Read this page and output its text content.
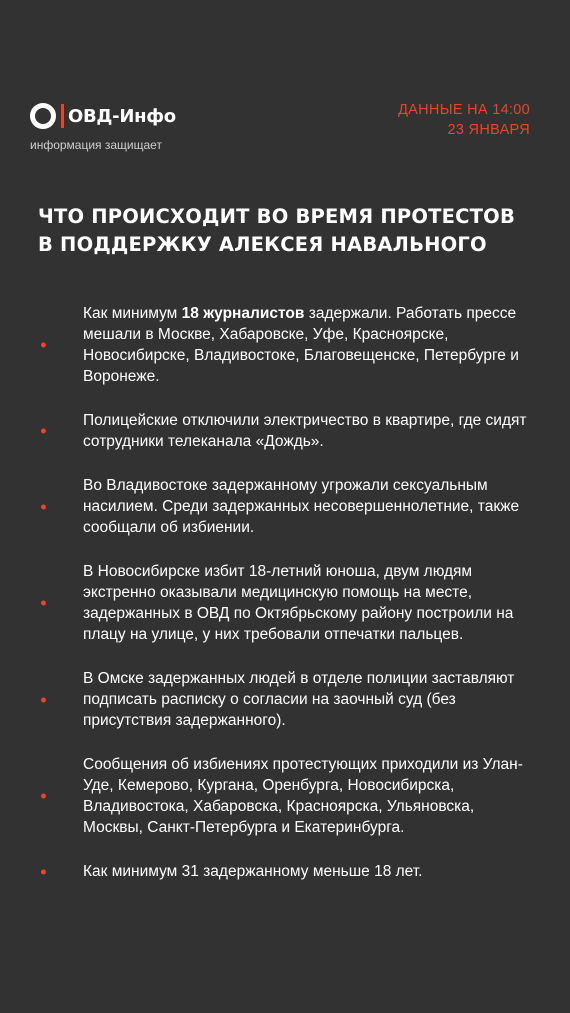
ОВД-Инфо
информация защищает
ДАННЫЕ НА 14:00
23 ЯНВАРЯ
ЧТО ПРОИСХОДИТ ВО ВРЕМЯ ПРОТЕСТОВ
В ПОДДЕРЖКУ АЛЕКСЕЯ НАВАЛЬНОГО
Как минимум 18 журналистов задержали. Работать прессе мешали в Москве, Хабаровске, Уфе, Красноярске, Новосибирске, Владивостоке, Благовещенске, Петербурге и Воронеже.
Полицейские отключили электричество в квартире, где сидят сотрудники телеканала «Дождь».
Во Владивостоке задержанному угрожали сексуальным насилием. Среди задержанных несовершеннолетние, также сообщали об избиении.
В Новосибирске избит 18-летний юноша, двум людям экстренно оказывали медицинскую помощь на месте, задержанных в ОВД по Октябрьскому району построили на плацу на улице, у них требовали отпечатки пальцев.
В Омске задержанных людей в отделе полиции заставляют подписать расписку о согласии на заочный суд (без присутствия задержанного).
Сообщения об избиениях протестующих приходили из Улан-Уде, Кемерово, Кургана, Оренбурга, Новосибирска, Владивостока, Хабаровска, Красноярска, Ульяновска, Москвы, Санкт-Петербурга и Екатеринбурга.
Как минимум 31 задержанному меньше 18 лет.
